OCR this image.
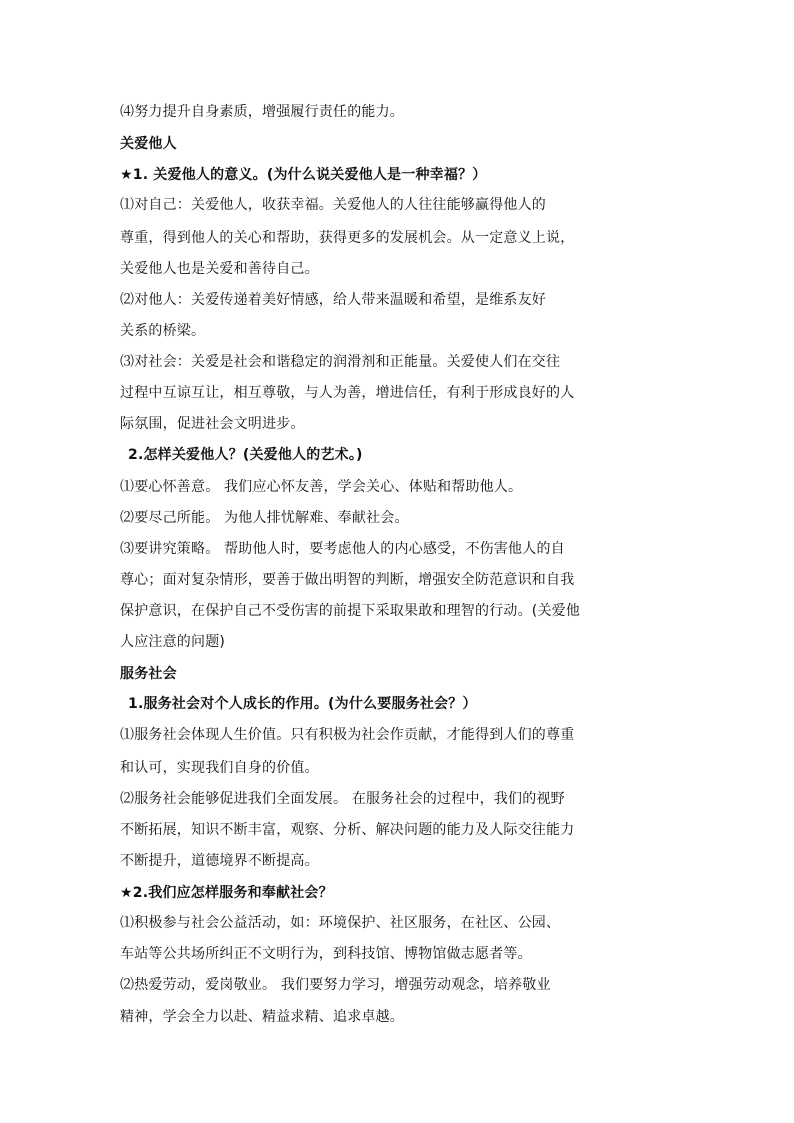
⑷努力提升自身素质，增强履行责任的能力。
关爱他人
★1. 关爱他人的意义。(为什么说关爱他人是一种幸福？）
⑴对自己：关爱他人，收获幸福。关爱他人的人往往能够赢得他人的
尊重，得到他人的关心和帮助，获得更多的发展机会。从一定意义上说，
关爱他人也是关爱和善待自己。
⑵对他人：关爱传递着美好情感，给人带来温暖和希望，是维系友好
关系的桥梁。
⑶对社会：关爱是社会和谐稳定的润滑剂和正能量。关爱使人们在交往
过程中互谅互让，相互尊敬，与人为善，增进信任，有利于形成良好的人
际氛围，促进社会文明进步。
2.怎样关爱他人？(关爱他人的艺术。)
⑴要心怀善意。 我们应心怀友善，学会关心、体贴和帮助他人。
⑵要尽己所能。 为他人排忧解难、奉献社会。
⑶要讲究策略。 帮助他人时，要考虑他人的内心感受，不伤害他人的自
尊心；面对复杂情形，要善于做出明智的判断，增强安全防范意识和自我
保护意识，在保护自己不受伤害的前提下采取果敢和理智的行动。(关爱他
人应注意的问题)
服务社会
1.服务社会对个人成长的作用。(为什么要服务社会？）
⑴服务社会体现人生价值。只有积极为社会作贡献，才能得到人们的尊重
和认可，实现我们自身的价值。
⑵服务社会能够促进我们全面发展。 在服务社会的过程中，我们的视野
不断拓展，知识不断丰富，观察、分析、解决问题的能力及人际交往能力
不断提升，道德境界不断提高。
★2.我们应怎样服务和奉献社会？
⑴积极参与社会公益活动，如：环境保护、社区服务，在社区、公园、
车站等公共场所纠正不文明行为，到科技馆、博物馆做志愿者等。
⑵热爱劳动，爱岗敬业。 我们要努力学习，增强劳动观念，培养敬业
精神，学会全力以赴、精益求精、追求卓越。
